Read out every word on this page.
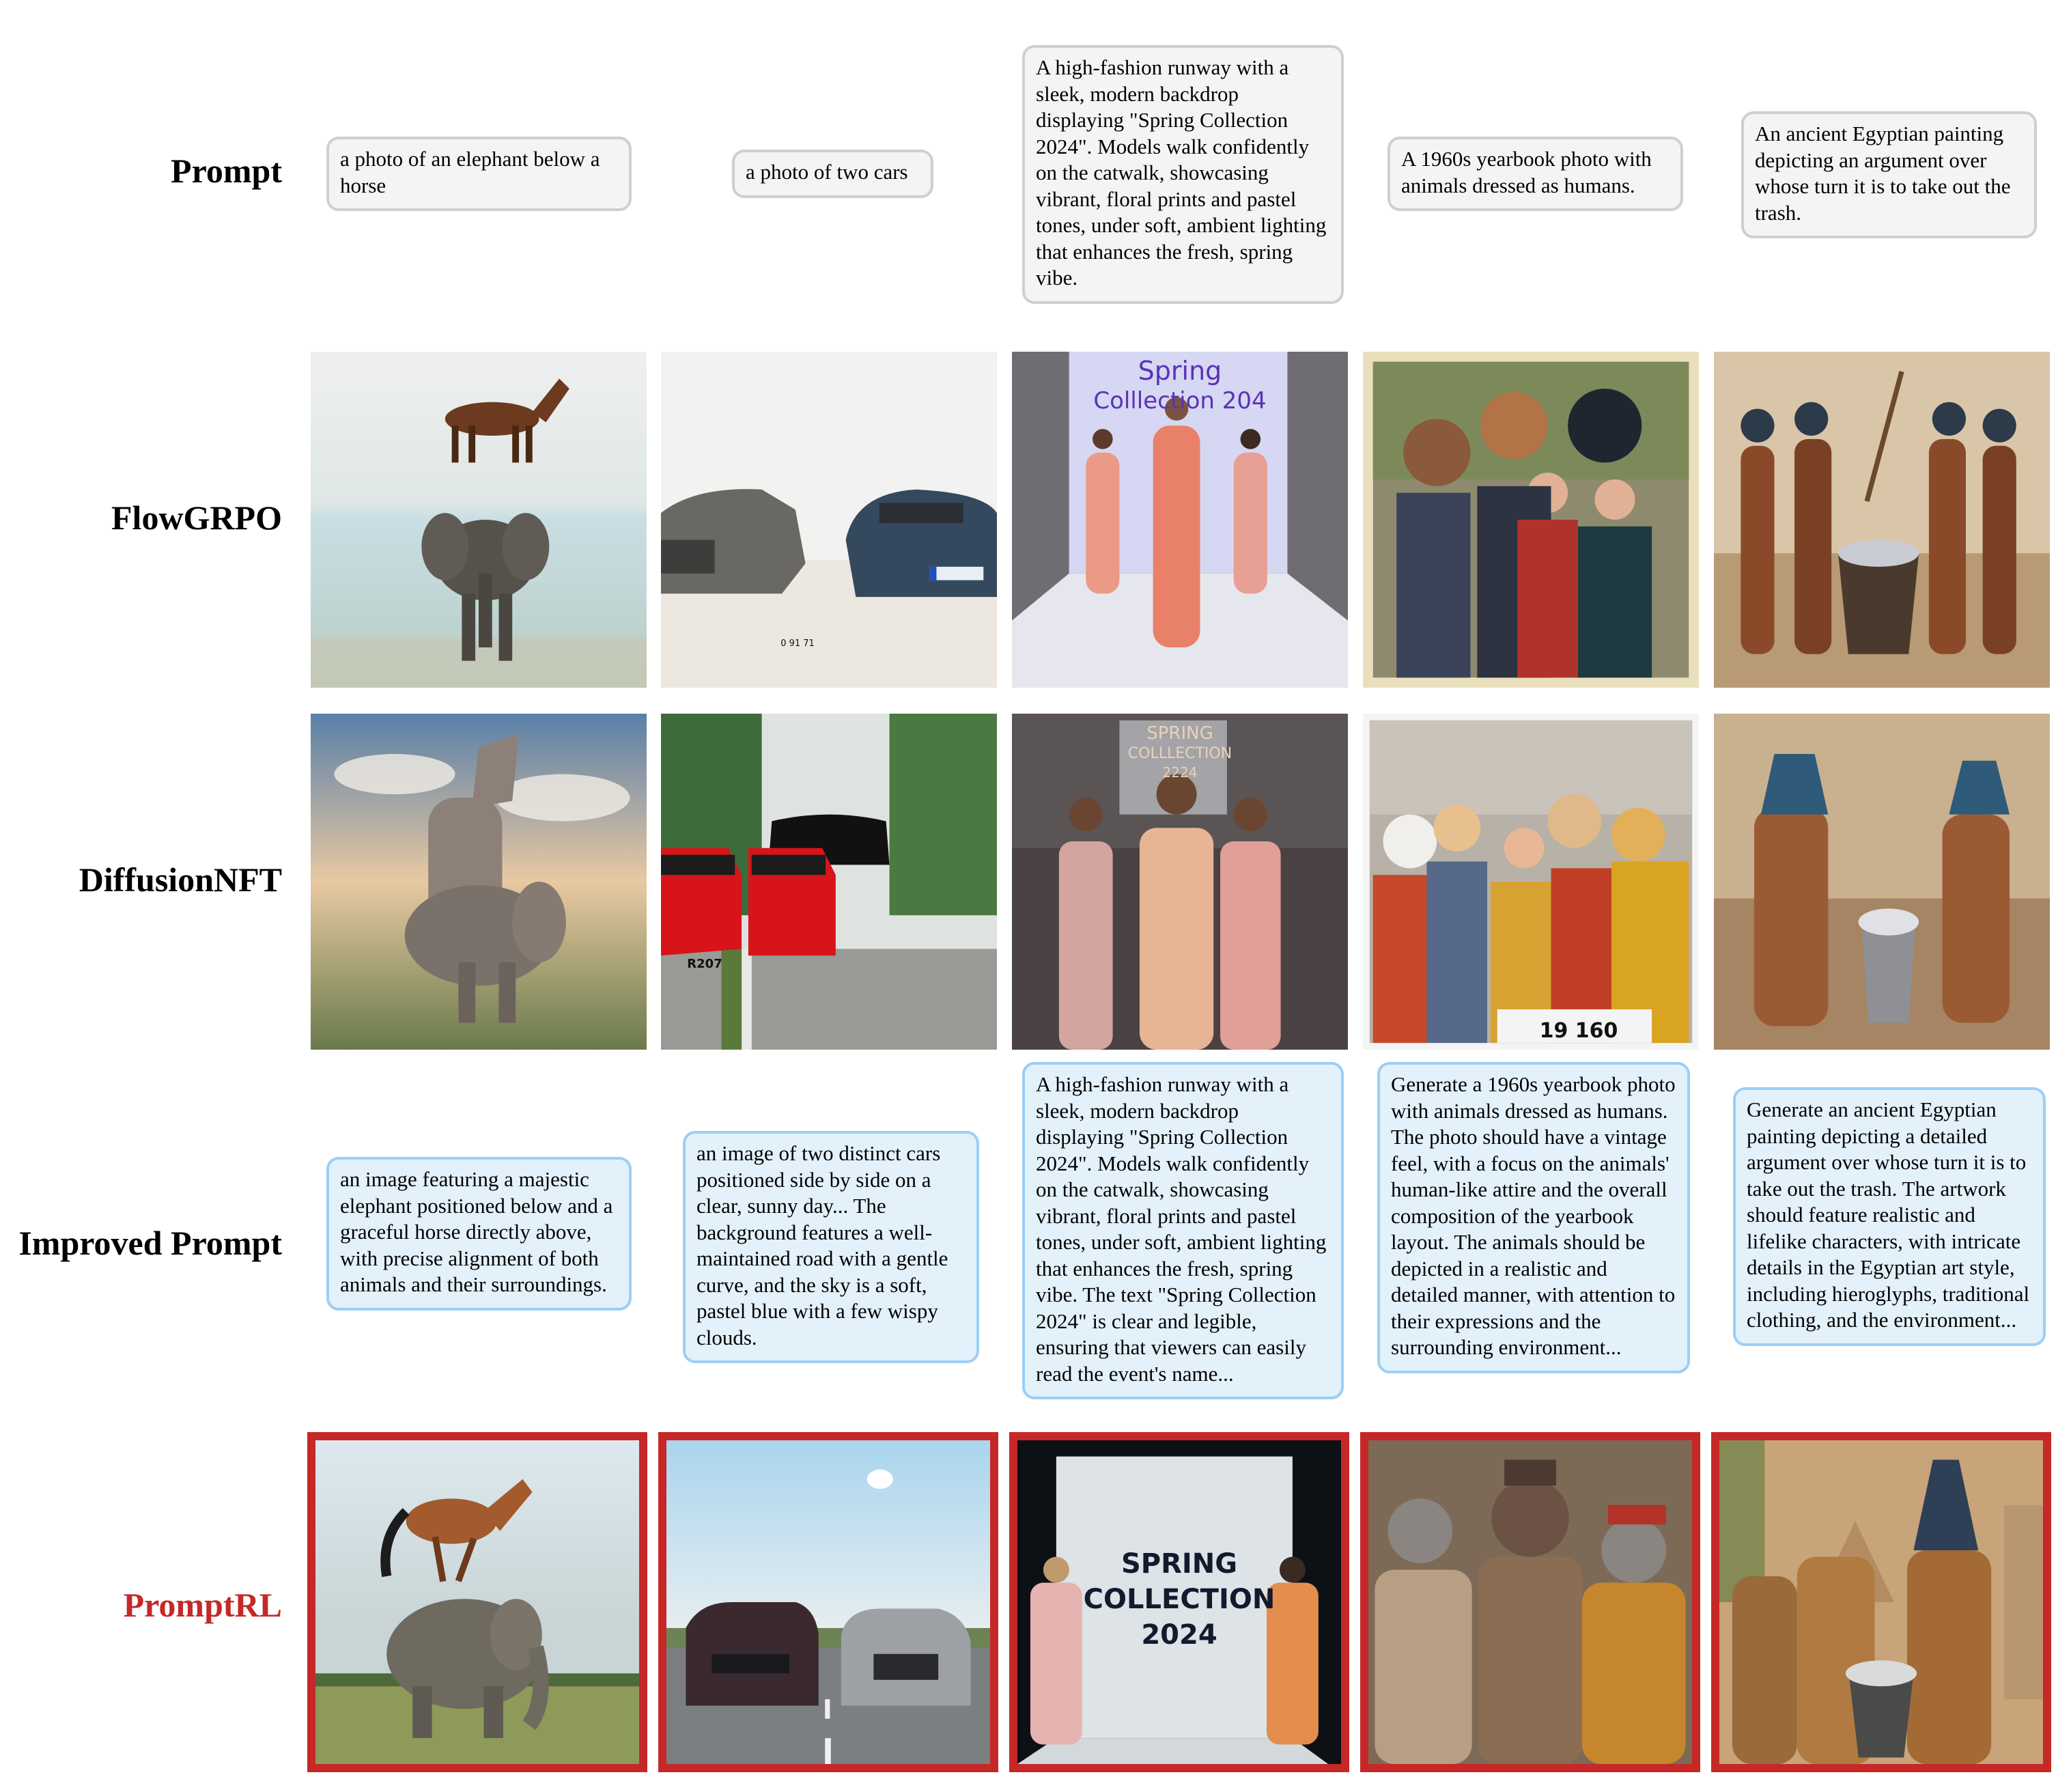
Prompt
FlowGRPO
DiffusionNFT
Improved Prompt
PromptRL
a photo of an elephant below a horse
a photo of two cars
A high-fashion runway with a sleek, modern backdrop displaying "Spring Collection 2024". Models walk confidently on the catwalk, showcasing vibrant, floral prints and pastel tones, under soft, ambient lighting that enhances the fresh, spring vibe.
A 1960s yearbook photo with animals dressed as humans.
An ancient Egyptian painting depicting an argument over whose turn it is to take out the trash.
0 91 71
Spring
Colllection 204
R207
SPRING
COLLLECTION
2224
19 160
an image featuring a majestic elephant positioned below and a graceful horse directly above, with precise alignment of both animals and their surroundings.
an image of two distinct cars positioned side by side on a clear, sunny day... The background features a well-maintained road with a gentle curve, and the sky is a soft, pastel blue with a few wispy clouds.
A high-fashion runway with a sleek, modern backdrop displaying "Spring Collection 2024". Models walk confidently on the catwalk, showcasing vibrant, floral prints and pastel tones, under soft, ambient lighting that enhances the fresh, spring vibe. The text "Spring Collection 2024" is clear and legible, ensuring that viewers can easily read the event's name...
Generate a 1960s yearbook photo with animals dressed as humans. The photo should have a vintage feel, with a focus on the animals' human-like attire and the overall composition of the yearbook layout. The animals should be depicted in a realistic and detailed manner, with attention to their expressions and the surrounding environment...
Generate an ancient Egyptian painting depicting a detailed argument over whose turn it is to take out the trash. The artwork should feature realistic and lifelike characters, with intricate details in the Egyptian art style, including hieroglyphs, traditional clothing, and the environment...
SPRING
COLLECTION
2024
